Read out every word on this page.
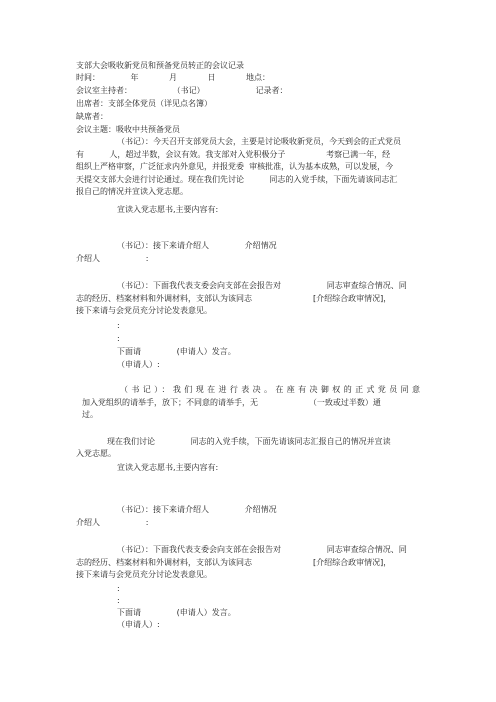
支部大会吸收新党员和预备党员转正的会议记录

时间：            年            月            日            地点：

会议室主持者：                （书记）                    记录者：

出席者：支部全体党员（详见点名簿）

缺席者：

会议主题：吸收中共预备党员

（书记）：今天召开支部党员大会，主要是讨论吸收新党员，今天到会的正式党员

有          人，超过半数，会议有效。我支部对入党积极分子                考察已满一年，经

组织上严格审察，广泛征求内外意见，并报党委  审核批准，认为基本成熟，可以发展，今

天提交支部大会进行讨论通过。现在我们先讨论          同志的入党手续，下面先请该同志汇

报自己的情况并宣读入党志愿。

宣读入党志愿书,主要内容有:

（书记）：接下来请介绍人              介绍情况

介绍人                  :

（书记）：下面我代表支委会向支部在会报告对                  同志审查综合情况、同

志的经历、档案材料和外调材料，支部认为该同志                        [介绍综合政审情况]，

接下来请与会党员充分讨论发表意见。

:

:

下面请              (申请人）发言。

（申请人）:

（书记）：我们现在进行表决。在座有决御权的正式党员同意

加入党组织的请举手，放下；不同意的请举手，无                    （一致或过半数）通

过。

现在我们讨论              同志的入党手续，下面先请该同志汇报自己的情况并宣读

入党志愿。

宣读入党志愿书,主要内容有:

（书记）：接下来请介绍人              介绍情况

介绍人                  :

（书记）：下面我代表支委会向支部在会报告对                  同志审查综合情况、同

志的经历、档案材料和外调材料，支部认为该同志                        [介绍综合政审情况]，

接下来请与会党员充分讨论发表意见。

:

:

下面请              (申请人）发言。

（申请人）:
